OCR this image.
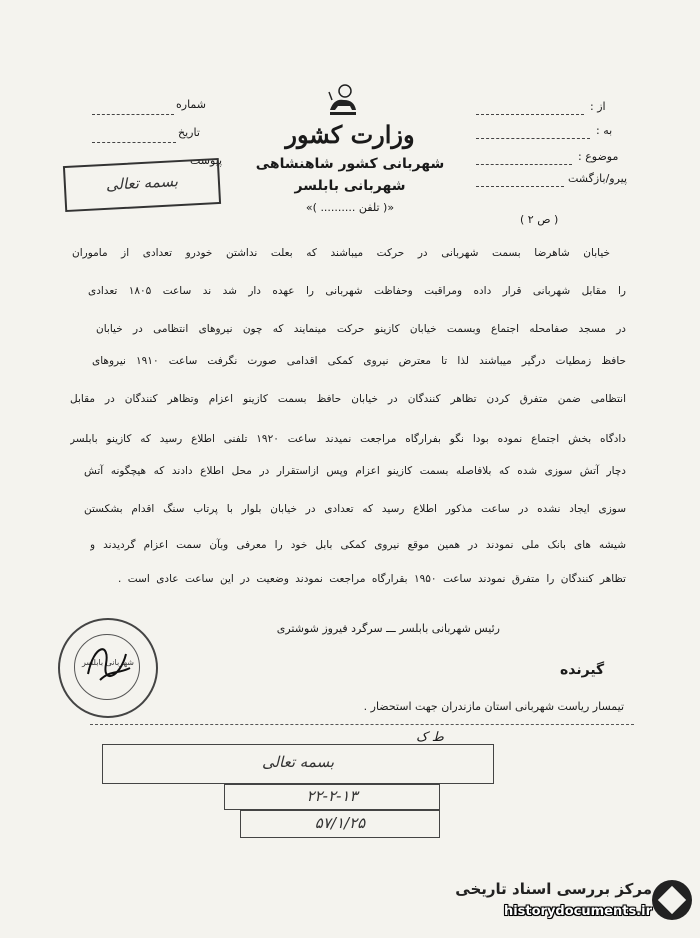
وزارت کشور
شهربانی کشور شاهنشاهی
شهربانی بابلسر
«( تلفن .......... )»
شماره
تاریخ
پیوست
بسمه تعالی
از :
به :
موضوع :
پیرو/بازگشت
( ص ۲ )
خیابان شاهرضا بسمت شهربانی در حرکت میباشند که بعلت نداشتن خودرو تعدادی از ماموران
را مقابل شهربانی قرار داده ومراقبت وحفاظت شهربانی را عهده دار شد ند ساعت ۱۸۰۵ تعدادی
در مسجد صفامحله اجتماع وبسمت خیابان کازینو حرکت مینمایند که چون نیروهای انتظامی در خیابان
حافظ زمطیات درگیر میباشند لذا تا معترض نیروی کمکی اقدامی صورت نگرفت ساعت ۱۹۱۰ نیروهای
انتظامی ضمن متفرق کردن تظاهر کنندگان در خیابان حافظ بسمت کازینو اعزام وتظاهر کنندگان در مقابل
دادگاه بخش اجتماع نموده بودا نگو بفرارگاه مراجعت نمیدند ساعت ۱۹۲۰ تلفنی اطلاع رسید که کازینو بابلسر
دچار آتش سوزی شده که بلافاصله بسمت کازینو اعزام وپس ازاستقرار در محل اطلاع دادند که هیچگونه آتش
سوزی ایجاد نشده در ساعت مذکور اطلاع رسید که تعدادی در خیابان بلوار با پرتاب سنگ اقدام بشکستن
شیشه های بانک ملی نمودند در همین موقع نیروی کمکی بابل خود را معرفی وبآن سمت اعزام گردیدند و
تظاهر کنندگان را متفرق نمودند ساعت ۱۹۵۰ بقرارگاه مراجعت نمودند وضعیت در این ساعت عادی است .
رئیس شهربانی بابلسر ـــ سرگرد فیروز شوشتری
شهربانی بابلسر	گیرنده
تیمسار ریاست شهربانی استان مازندران جهت استحضار .
ط ک
بسمه تعالی
۲۲-۲-۱۳
۵۷/۱/۲۵
مرکز بررسی اسناد تاریخی
historydocuments.ir
